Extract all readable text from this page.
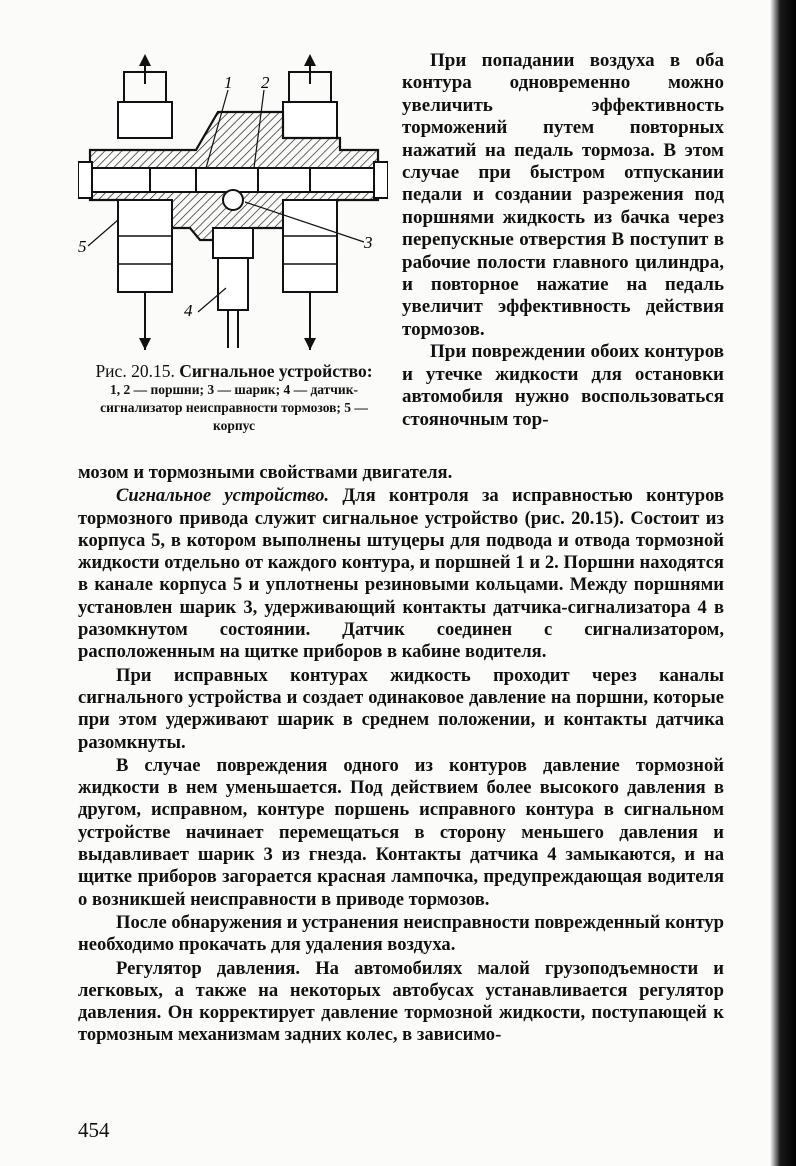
1 2
3
4
5
Рис. 20.15. Сигнальное устройство:
1, 2 — поршни; 3 — шарик; 4 — датчик-сигнализатор неисправности тормозов; 5 — корпус

При попадании воздуха в оба контура одновременно можно увеличить эффективность торможений путем повторных нажатий на педаль тормоза. В этом случае при быстром отпускании педали и создании разрежения под поршнями жидкость из бачка через перепускные отверстия В поступит в рабочие полости главного цилиндра, и повторное нажатие на педаль увеличит эффективность действия тормозов.

При повреждении обоих контуров и утечке жидкости для остановки автомобиля нужно воспользоваться стояночным тор-

мозом и тормозными свойствами двигателя.

Сигнальное устройство. Для контроля за исправностью контуров тормозного привода служит сигнальное устройство (рис. 20.15). Состоит из корпуса 5, в котором выполнены штуцеры для подвода и отвода тормозной жидкости отдельно от каждого контура, и поршней 1 и 2. Поршни находятся в канале корпуса 5 и уплотнены резиновыми кольцами. Между поршнями установлен шарик 3, удерживающий контакты датчика-сигнализатора 4 в разомкнутом состоянии. Датчик соединен с сигнализатором, расположенным на щитке приборов в кабине водителя.

При исправных контурах жидкость проходит через каналы сигнального устройства и создает одинаковое давление на поршни, которые при этом удерживают шарик в среднем положении, и контакты датчика разомкнуты.

В случае повреждения одного из контуров давление тормозной жидкости в нем уменьшается. Под действием более высокого давления в другом, исправном, контуре поршень исправного контура в сигнальном устройстве начинает перемещаться в сторону меньшего давления и выдавливает шарик 3 из гнезда. Контакты датчика 4 замыкаются, и на щитке приборов загорается красная лампочка, предупреждающая водителя о возникшей неисправности в приводе тормозов.

После обнаружения и устранения неисправности поврежденный контур необходимо прокачать для удаления воздуха.

Регулятор давления. На автомобилях малой грузоподъемности и легковых, а также на некоторых автобусах устанавливается регулятор давления. Он корректирует давление тормозной жидкости, поступающей к тормозным механизмам задних колес, в зависимо-

454
